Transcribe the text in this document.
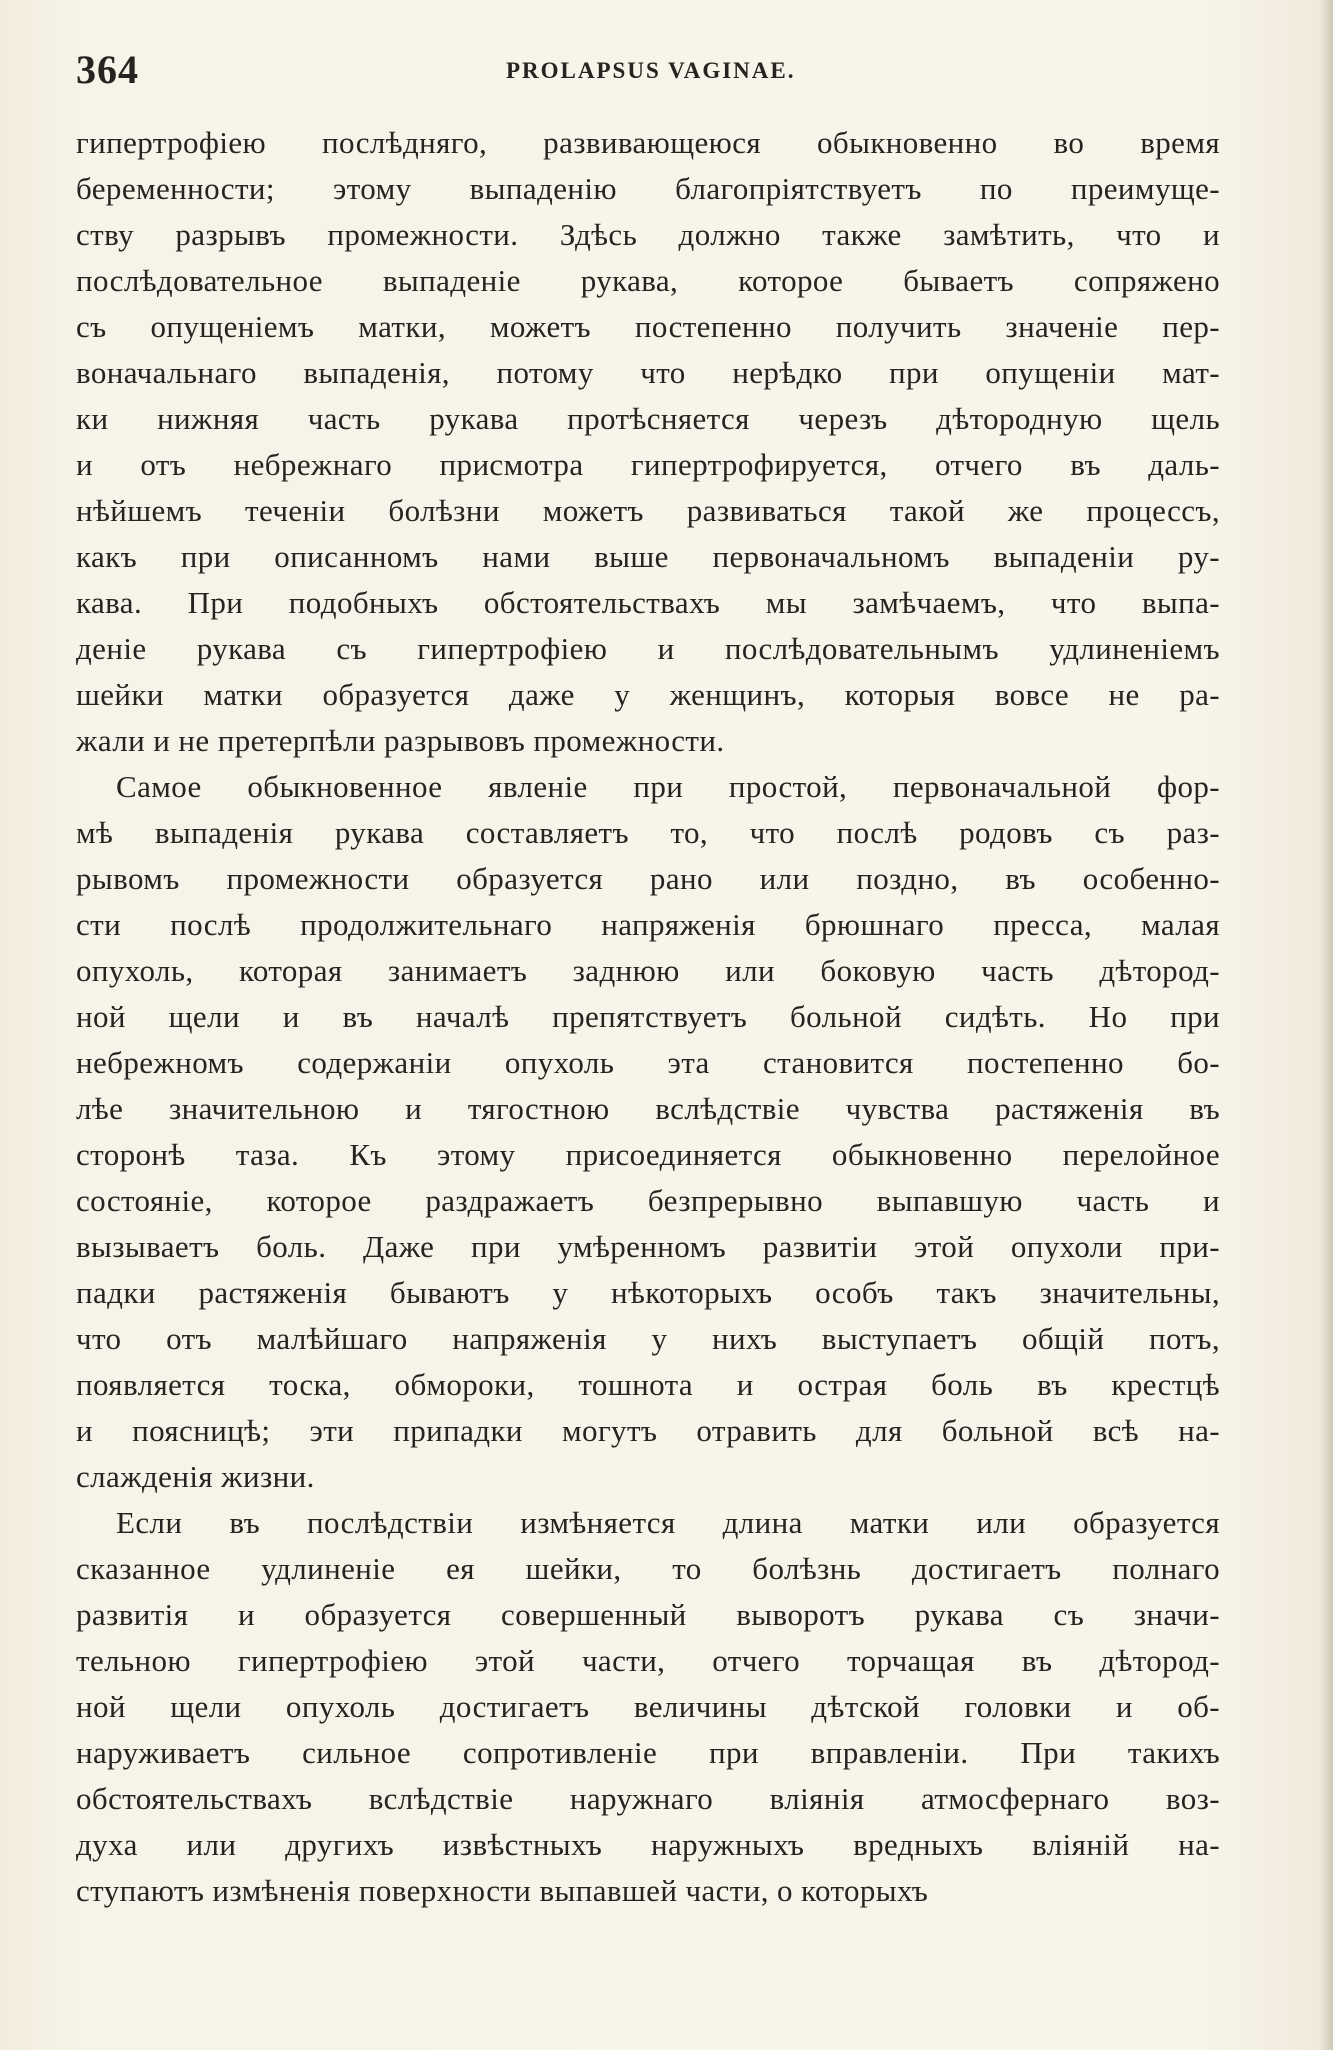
364	PROLAPSUS VAGINAE.
гипертрофiею послѣдняго, развивающеюся обыкновенно во время
беременности; этому выпаденiю благопрiятствуетъ по преимуще-
ству разрывъ промежности. Здѣсь должно также замѣтить, что и
послѣдовательное выпаденiе рукава, которое бываетъ сопряжено
съ опущенiемъ матки, можетъ постепенно получить значенiе пер-
воначальнаго выпаденiя, потому что нерѣдко при опущенiи мат-
ки нижняя часть рукава протѣсняется черезъ дѣтородную щель
и отъ небрежнаго присмотра гипертрофируется, отчего въ даль-
нѣйшемъ теченiи болѣзни можетъ развиваться такой же процессъ,
какъ при описанномъ нами выше первоначальномъ выпаденiи ру-
кава. При подобныхъ обстоятельствахъ мы замѣчаемъ, что выпа-
денiе рукава съ гипертрофiею и послѣдовательнымъ удлиненiемъ
шейки матки образуется даже у женщинъ, которыя вовсе не ра-
жали и не претерпѣли разрывовъ промежности.
Самое обыкновенное явленiе при простой, первоначальной фор-
мѣ выпаденiя рукава составляетъ то, что послѣ родовъ съ раз-
рывомъ промежности образуется рано или поздно, въ особенно-
сти послѣ продолжительнаго напряженiя брюшнаго пресса, малая
опухоль, которая занимаетъ заднюю или боковую часть дѣтород-
ной щели и въ началѣ препятствуетъ больной сидѣть. Но при
небрежномъ содержанiи опухоль эта становится постепенно бо-
лѣе значительною и тягостною вслѣдствiе чувства растяженiя въ
сторонѣ таза. Къ этому присоединяется обыкновенно перелойное
состоянiе, которое раздражаетъ безпрерывно выпавшую часть и
вызываетъ боль. Даже при умѣренномъ развитiи этой опухоли при-
падки растяженiя бываютъ у нѣкоторыхъ особъ такъ значительны,
что отъ малѣйшаго напряженiя у нихъ выступаетъ общiй потъ,
появляется тоска, обмороки, тошнота и острая боль въ крестцѣ
и поясницѣ; эти припадки могутъ отравить для больной всѣ на-
слажденiя жизни.
Если въ послѣдствiи измѣняется длина матки или образуется
сказанное удлиненiе ея шейки, то болѣзнь достигаетъ полнаго
развитiя и образуется совершенный выворотъ рукава съ значи-
тельною гипертрофiею этой части, отчего торчащая въ дѣтород-
ной щели опухоль достигаетъ величины дѣтской головки и об-
наруживаетъ сильное сопротивленiе при вправленiи. При такихъ
обстоятельствахъ вслѣдствiе наружнаго влiянiя атмосфернаго воз-
духа или другихъ извѣстныхъ наружныхъ вредныхъ влiянiй на-
ступаютъ измѣненiя поверхности выпавшей части, о которыхъ
